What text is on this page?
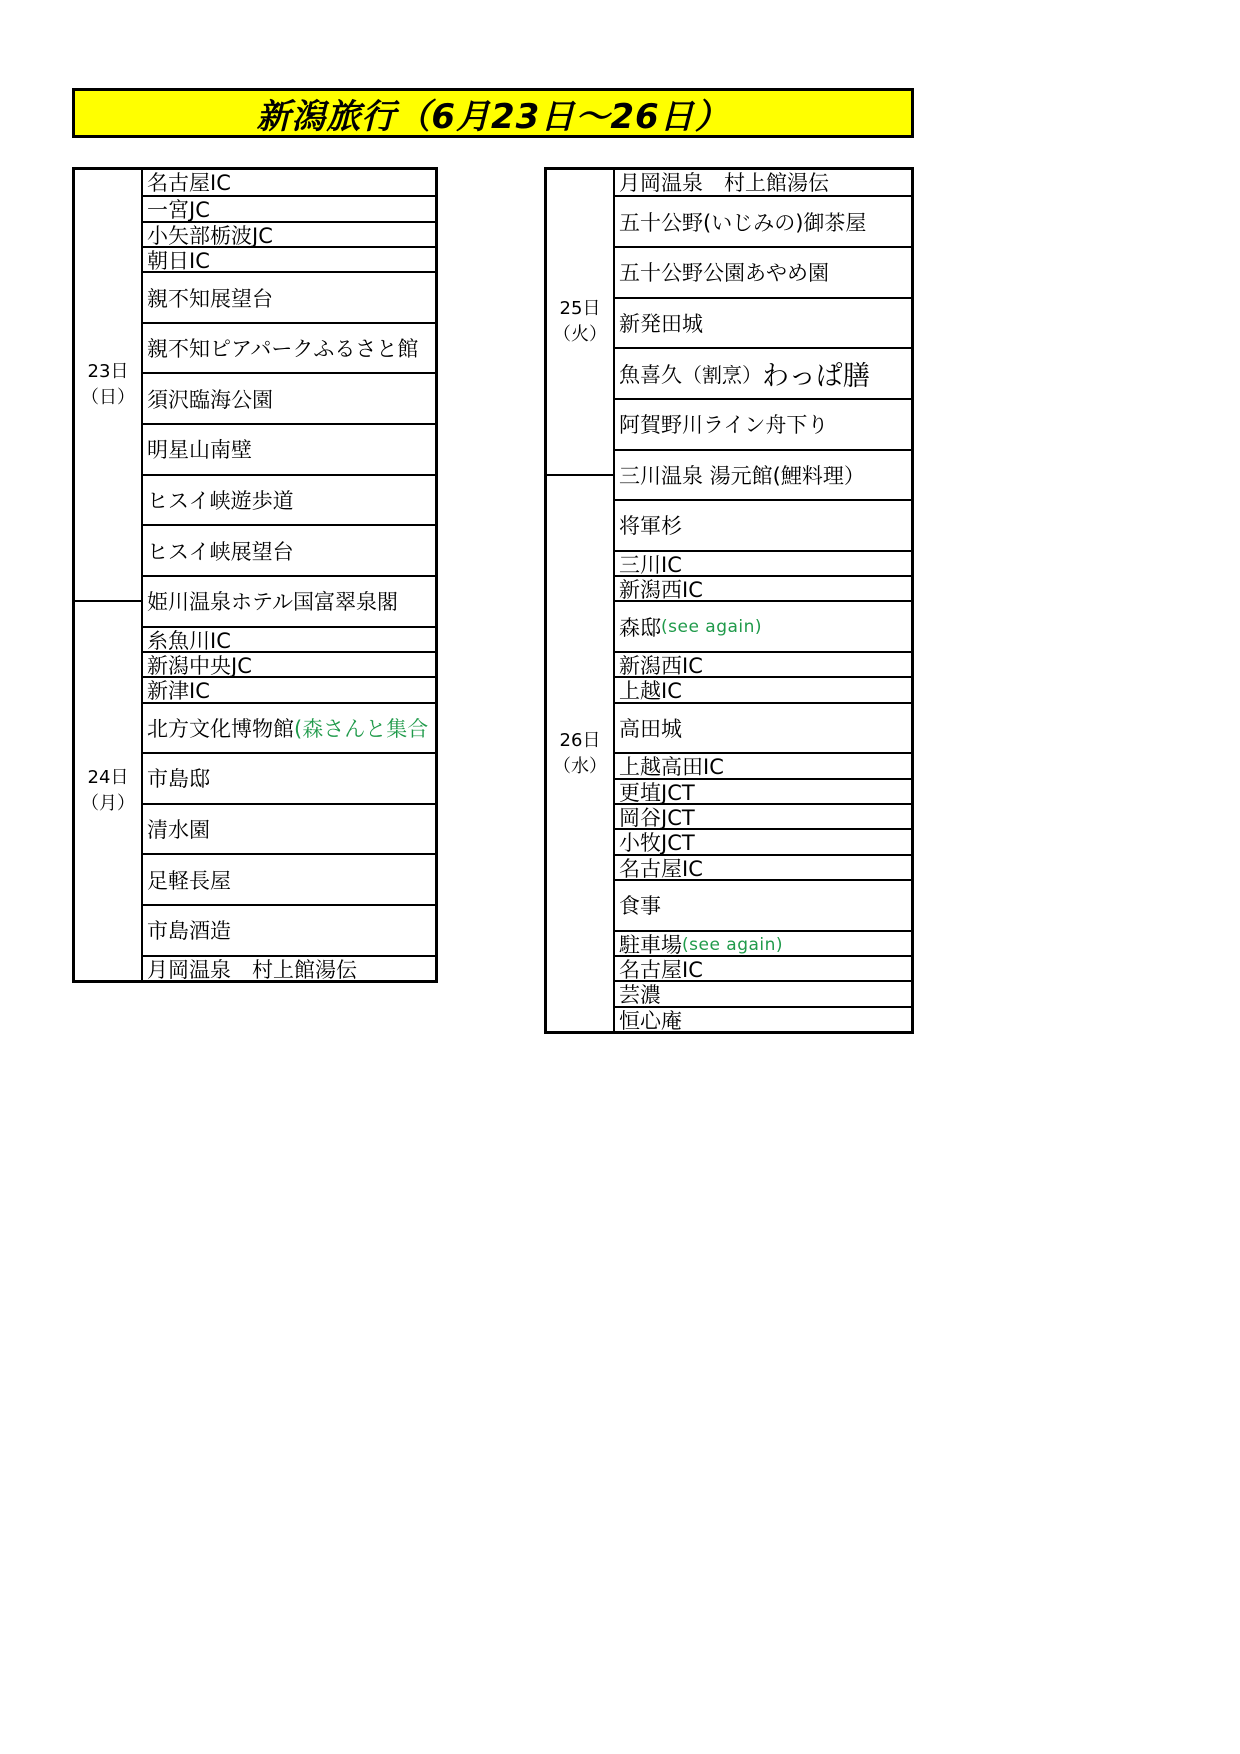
新潟旅行（6月23日～26日）
23日
（日）
24日
（月）
名古屋IC
一宮JC
小矢部栃波JC
朝日IC
親不知展望台
親不知ピアパークふるさと館
須沢臨海公園
明星山南壁
ヒスイ峡遊歩道
ヒスイ峡展望台
姫川温泉ホテル国富翠泉閣
糸魚川IC
新潟中央JC
新津IC
北方文化博物館 (森さんと集合
市島邸
清水園
足軽長屋
市島酒造
月岡温泉　村上館湯伝
25日
（火）
26日
（水）
月岡温泉　村上館湯伝
五十公野(いじみの)御茶屋
五十公野公園あやめ園
新発田城
魚喜久 （割烹） わっぱ膳
阿賀野川ライン舟下り
三川温泉 湯元館(鯉料理）
将軍杉
三川IC
新潟西IC
森邸 (see again)
新潟西IC
上越IC
高田城
上越高田IC
更埴JCT
岡谷JCT
小牧JCT
名古屋IC
食事
駐車場 (see again)
名古屋IC
芸濃
恒心庵
